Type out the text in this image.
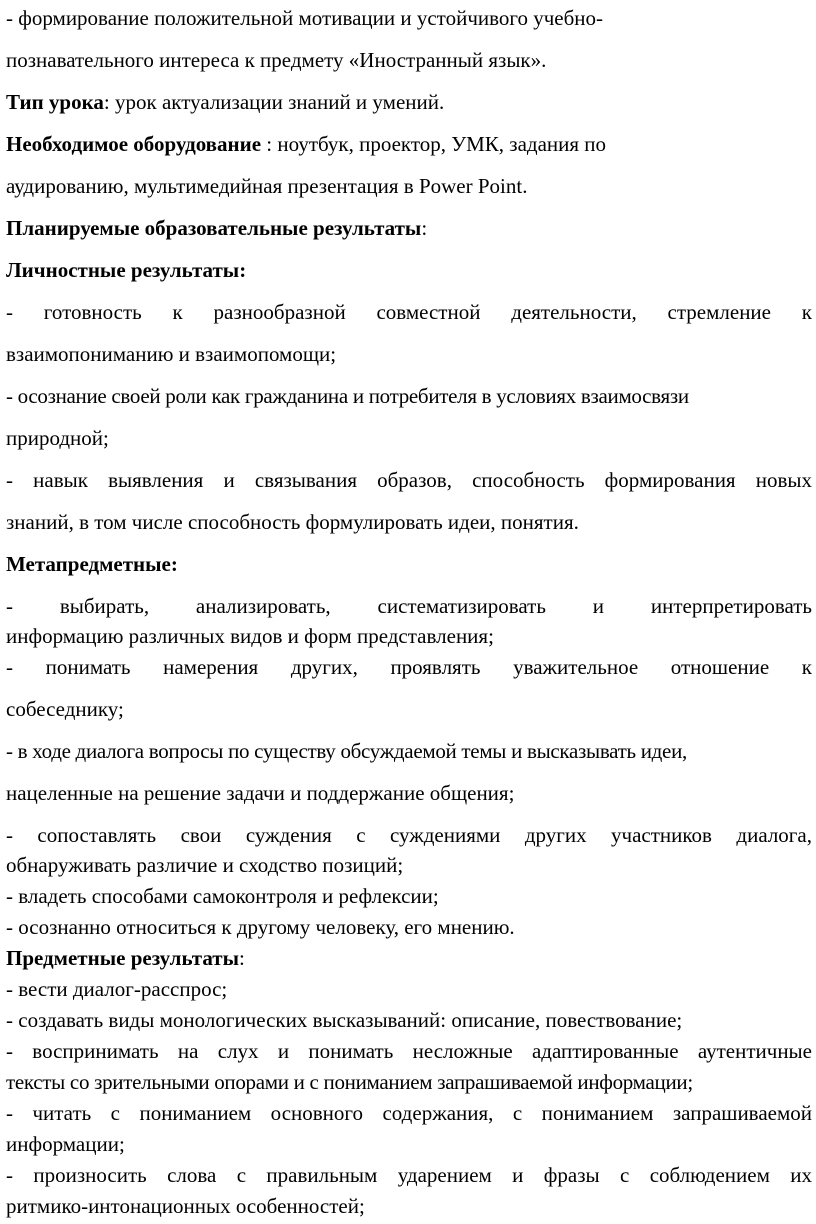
- формирование положительной мотивации и устойчивого учебно-
познавательного интереса к предмету «Иностранный язык».
Тип урока: урок актуализации знаний и умений.
Необходимое оборудование : ноутбук, проектор, УМК, задания по
аудированию, мультимедийная презентация в Power Point.
Планируемые образовательные результаты:
Личностные результаты:
- готовность к разнообразной совместной деятельности, стремление к
взаимопониманию и взаимопомощи;
- осознание своей роли как гражданина и потребителя в условиях взаимосвязи
природной;
- навык выявления и связывания образов, способность формирования новых
знаний, в том числе способность формулировать идеи, понятия.
Метапредметные:
- выбирать, анализировать, систематизировать и интерпретировать
информацию различных видов и форм представления;
- понимать намерения других, проявлять уважительное отношение к
собеседнику;
- в ходе диалога вопросы по существу обсуждаемой темы и высказывать идеи,
нацеленные на решение задачи и поддержание общения;
- сопоставлять свои суждения с суждениями других участников диалога,
обнаруживать различие и сходство позиций;
- владеть способами самоконтроля и рефлексии;
- осознанно относиться к другому человеку, его мнению.
Предметные результаты:
- вести диалог-расспрос;
- создавать виды монологических высказываний: описание, повествование;
- воспринимать на слух и понимать несложные адаптированные аутентичные
тексты со зрительными опорами и с пониманием запрашиваемой информации;
- читать с пониманием основного содержания, с пониманием запрашиваемой
информации;
- произносить слова с правильным ударением и фразы с соблюдением их
ритмико-интонационных особенностей;
